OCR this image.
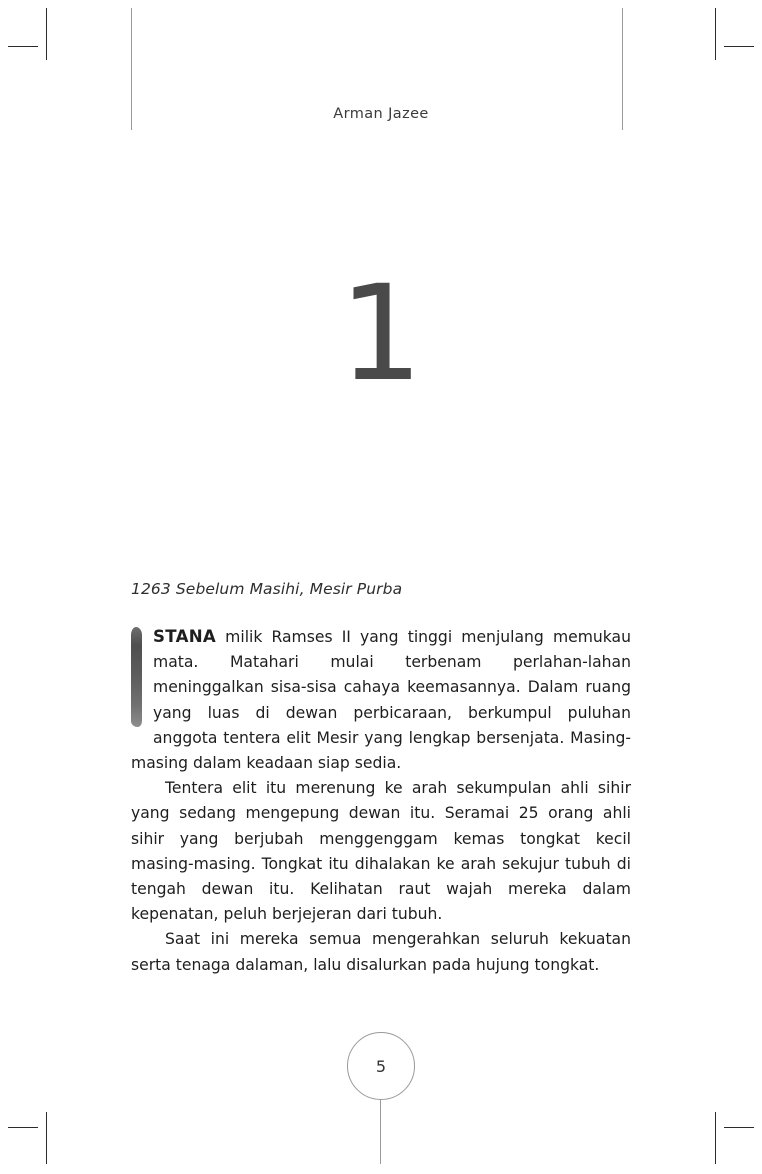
Arman Jazee
1

1263 Sebelum Masihi, Mesir Purba

STANA milik Ramses II yang tinggi menjulang memukau mata. Matahari mulai terbenam perlahan-lahan meninggalkan sisa-sisa cahaya keemasannya. Dalam ruang yang luas di dewan perbicaraan, berkumpul puluhan anggota tentera elit Mesir yang lengkap bersenjata. Masing-masing dalam keadaan siap sedia.

Tentera elit itu merenung ke arah sekumpulan ahli sihir yang sedang mengepung dewan itu. Seramai 25 orang ahli sihir yang berjubah menggenggam kemas tongkat kecil masing-masing. Tongkat itu dihalakan ke arah sekujur tubuh di tengah dewan itu. Kelihatan raut wajah mereka dalam kepenatan, peluh berjejeran dari tubuh.

Saat ini mereka semua mengerahkan seluruh kekuatan serta tenaga dalaman, lalu disalurkan pada hujung tongkat.

5
